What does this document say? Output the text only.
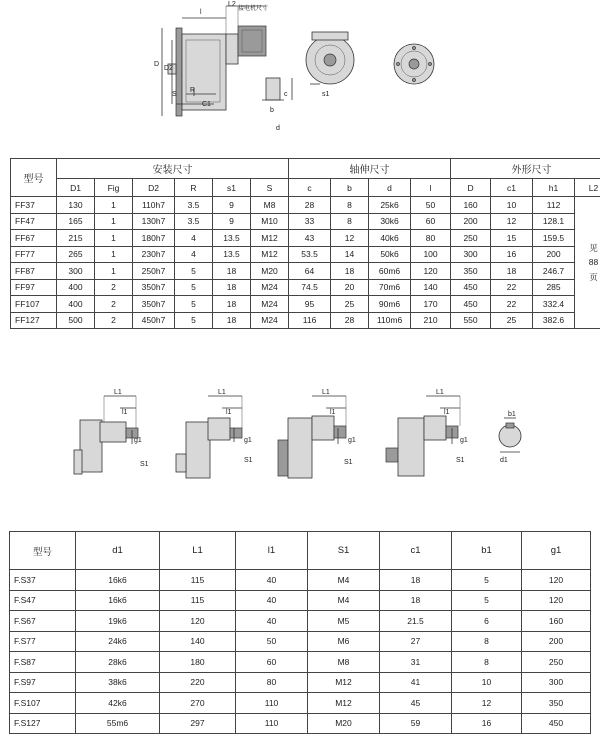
L2
接电机尺寸
D
D2
S
R
C1
l
c
b
s1
d
L1
l1
g1
S1
L1
l1
g1
S1
L1
l1
g1
S1
L1
l1
g1
S1
b1
d1
型号	安装尺寸						轴伸尺寸				外形尺寸			
	D1	Fig	D2	R	s1	S	c	b	d	l	D	c1	h1	L2
FF37	130	1	110h7	3.5	9	M8	28	8	25k6	50	160	10	112	见
88
页

FF47	165	1	130h7	3.5	9	M10	33	8	30k6	60	200	12	128.1	
FF67	215	1	180h7	4	13.5	M12	43	12	40k6	80	250	15	159.5	
FF77	265	1	230h7	4	13.5	M12	53.5	14	50k6	100	300	16	200	
FF87	300	1	250h7	5	18	M20	64	18	60m6	120	350	18	246.7	
FF97	400	2	350h7	5	18	M24	74.5	20	70m6	140	450	22	285	
FF107	400	2	350h7	5	18	M24	95	25	90m6	170	450	22	332.4	
FF127	500	2	450h7	5	18	M24	116	28	110m6	210	550	25	382.6	
型号	d1	L1	l1	S1	c1	b1	g1
F.S37	16k6	115	40	M4	18	5	120
F.S47	16k6	115	40	M4	18	5	120
F.S67	19k6	120	40	M5	21.5	6	160
F.S77	24k6	140	50	M6	27	8	200
F.S87	28k6	180	60	M8	31	8	250
F.S97	38k6	220	80	M12	41	10	300
F.S107	42k6	270	110	M12	45	12	350
F.S127	55m6	297	110	M20	59	16	450
